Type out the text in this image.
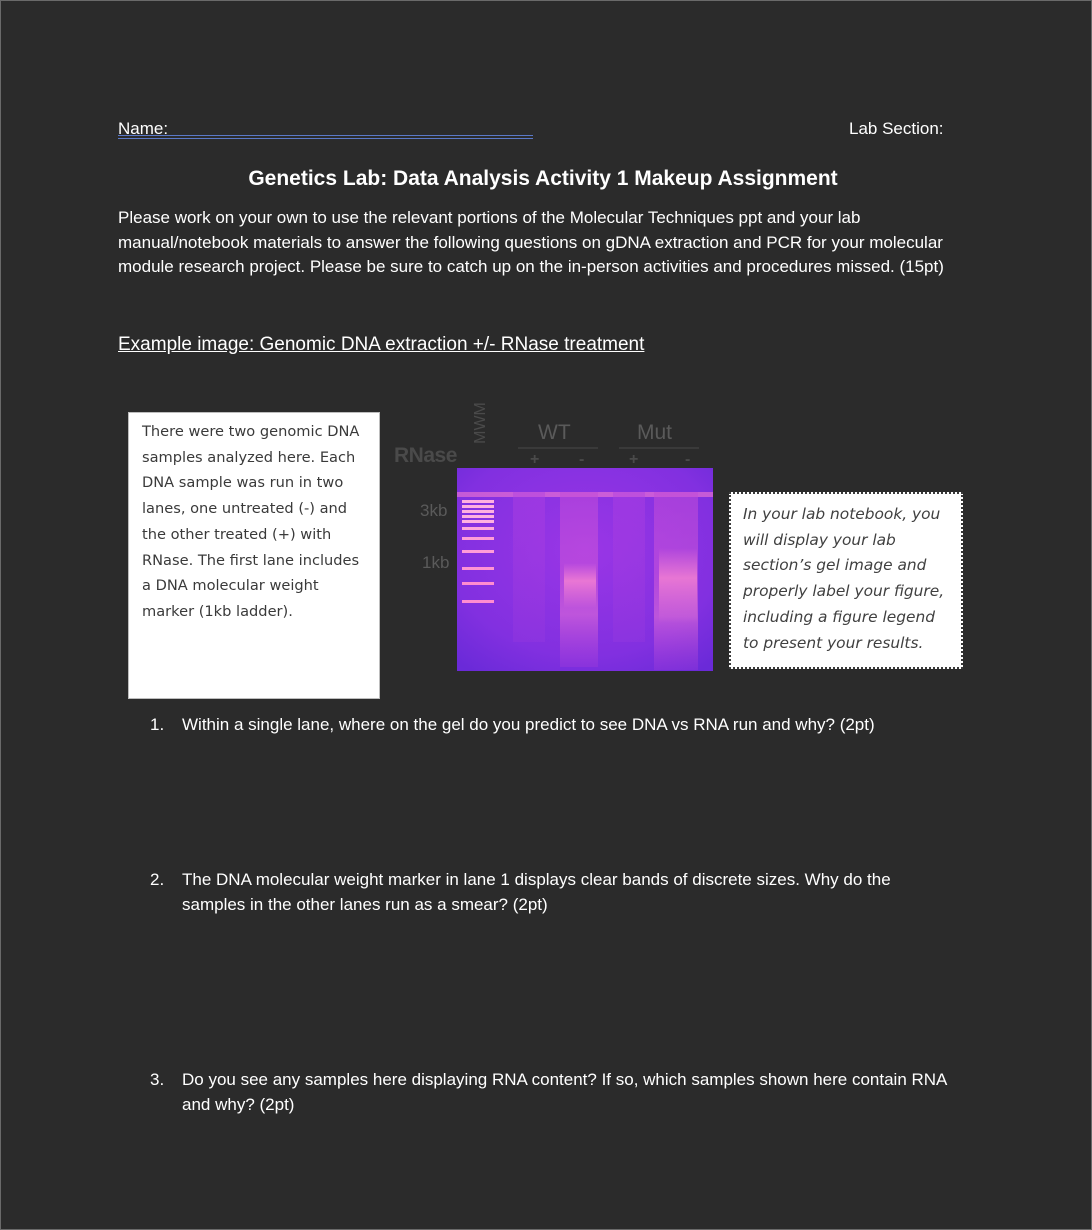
Name:	Lab Section:
Genetics Lab: Data Analysis Activity 1 Makeup Assignment
Please work on your own to use the relevant portions of the Molecular Techniques ppt and your lab manual/notebook materials to answer the following questions on gDNA extraction and PCR for your molecular module research project. Please be sure to catch up on the in-person activities and procedures missed. (15pt)
Example image: Genomic DNA extraction +/- RNase treatment
There were two genomic DNA samples analyzed here. Each DNA sample was run in two lanes, one untreated (-) and the other treated (+) with RNase. The first lane includes a DNA molecular weight marker (1kb ladder).
RNase
MWM WT	Mut
+ -	+	-
3kb
1kb
In your lab notebook, you will display your lab section’s gel image and properly label your figure, including a figure legend to present your results.
1. Within a single lane, where on the gel do you predict to see DNA vs RNA run and why? (2pt)
2. The DNA molecular weight marker in lane 1 displays clear bands of discrete sizes. Why do the samples in the other lanes run as a smear? (2pt)
3. Do you see any samples here displaying RNA content? If so, which samples shown here contain RNA and why? (2pt)
